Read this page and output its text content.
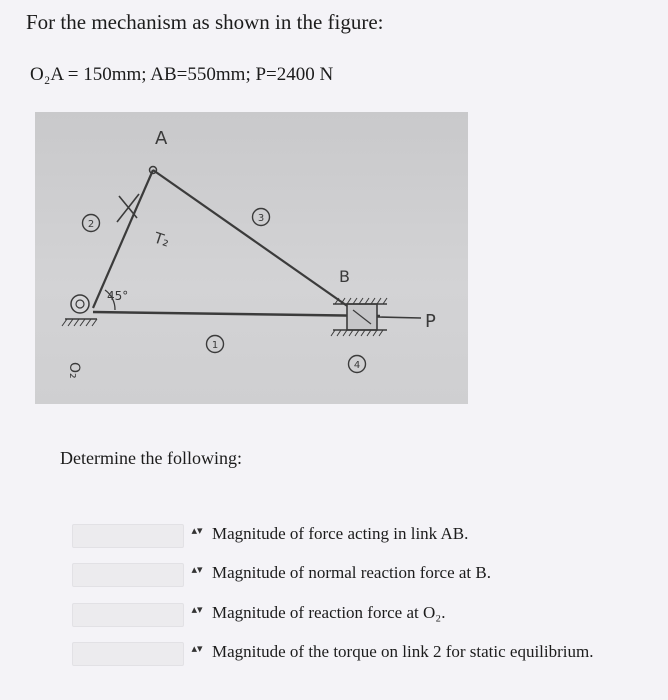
For the mechanism as shown in the figure:
O₂A = 150mm; AB=550mm; P=2400 N
A
B
T₂
45°
O₂
P
2
3
1
4
Determine the following:
▴▾ Magnitude of force acting in link AB.
▴▾ Magnitude of normal reaction force at B.
▴▾ Magnitude of reaction force at O₂.
▴▾ Magnitude of the torque on link 2 for static equilibrium.
